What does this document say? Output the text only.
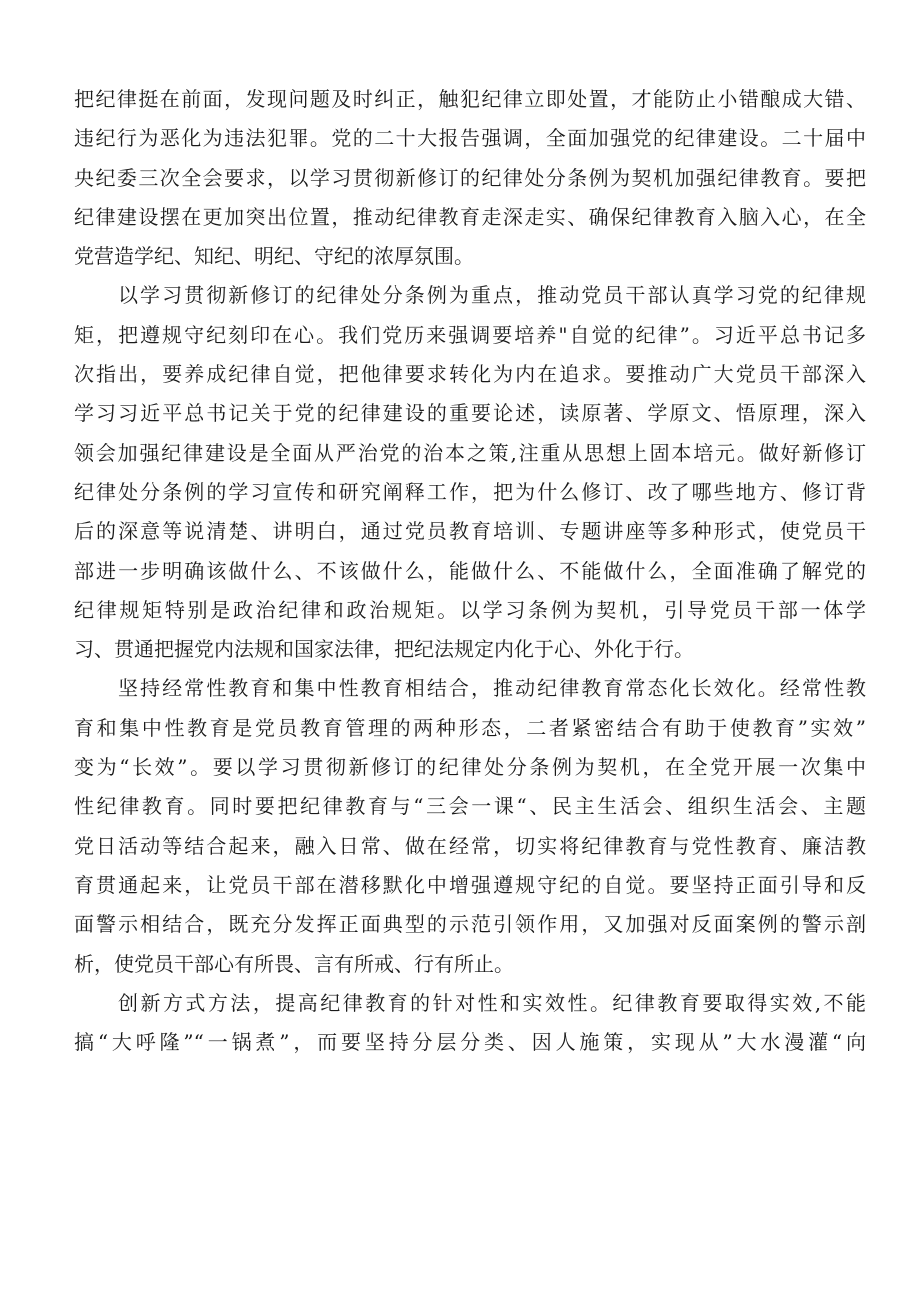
把纪律挺在前面，发现问题及时纠正，触犯纪律立即处置，才能防止小错酿成大错、
违纪行为恶化为违法犯罪。党的二十大报告强调，全面加强党的纪律建设。二十届中
央纪委三次全会要求，以学习贯彻新修订的纪律处分条例为契机加强纪律教育。要把
纪律建设摆在更加突出位置，推动纪律教育走深走实、确保纪律教育入脑入心，在全
党营造学纪、知纪、明纪、守纪的浓厚氛围。
以学习贯彻新修订的纪律处分条例为重点，推动党员干部认真学习党的纪律规
矩，把遵规守纪刻印在心。我们党历来强调要培养"自觉的纪律”。习近平总书记多
次指出，要养成纪律自觉，把他律要求转化为内在追求。要推动广大党员干部深入
学习习近平总书记关于党的纪律建设的重要论述，读原著、学原文、悟原理，深入
领会加强纪律建设是全面从严治党的治本之策,注重从思想上固本培元。做好新修订
纪律处分条例的学习宣传和研究阐释工作，把为什么修订、改了哪些地方、修订背
后的深意等说清楚、讲明白，通过党员教育培训、专题讲座等多种形式，使党员干
部进一步明确该做什么、不该做什么，能做什么、不能做什么，全面准确了解党的
纪律规矩特别是政治纪律和政治规矩。以学习条例为契机，引导党员干部一体学
习、贯通把握党内法规和国家法律，把纪法规定内化于心、外化于行。
坚持经常性教育和集中性教育相结合，推动纪律教育常态化长效化。经常性教
育和集中性教育是党员教育管理的两种形态，二者紧密结合有助于使教育”实效”
变为“长效”。要以学习贯彻新修订的纪律处分条例为契机，在全党开展一次集中
性纪律教育。同时要把纪律教育与“三会一课“、民主生活会、组织生活会、主题
党日活动等结合起来，融入日常、做在经常，切实将纪律教育与党性教育、廉洁教
育贯通起来，让党员干部在潜移默化中增强遵规守纪的自觉。要坚持正面引导和反
面警示相结合，既充分发挥正面典型的示范引领作用，又加强对反面案例的警示剖
析，使党员干部心有所畏、言有所戒、行有所止。
创新方式方法，提高纪律教育的针对性和实效性。纪律教育要取得实效,不能
搞“大呼隆”“一锅煮”，而要坚持分层分类、因人施策，实现从”大水漫灌“向
